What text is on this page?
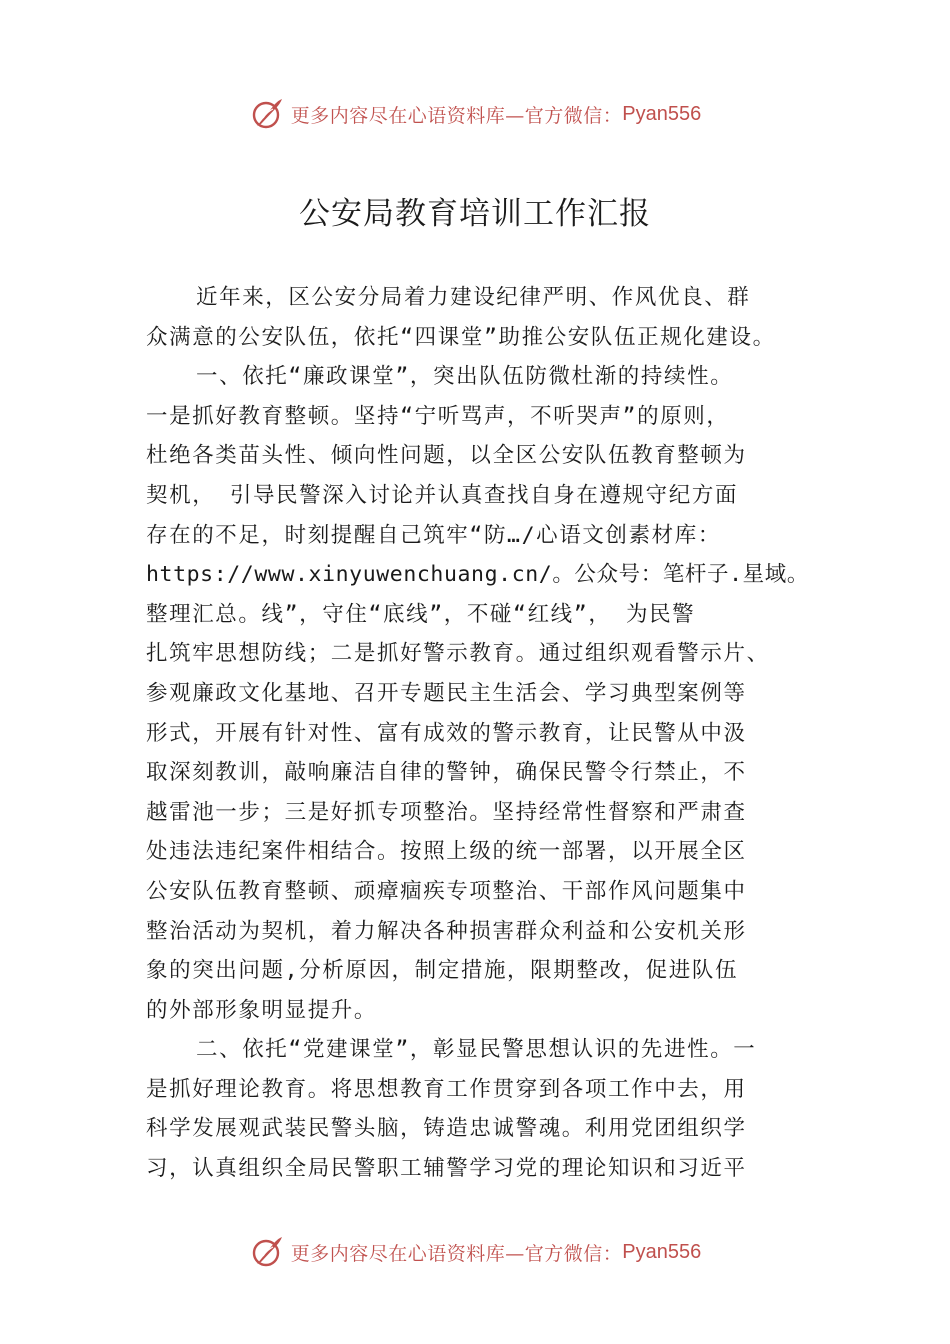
更多内容尽在心语资料库—官方微信： Pyan556
公安局教育培训工作汇报
近年来，区公安分局着力建设纪律严明、作风优良、群
众满意的公安队伍，依托“四课堂”助推公安队伍正规化建设。
一、依托“廉政课堂”，突出队伍防微杜渐的持续性。
一是抓好教育整顿。坚持“宁听骂声，不听哭声”的原则，
杜绝各类苗头性、倾向性问题，以全区公安队伍教育整顿为
契机， 引导民警深入讨论并认真查找自身在遵规守纪方面
存在的不足，时刻提醒自己筑牢“防…/心语文创素材库：
https://www.xinyuwenchuang.cn/。公众号：笔杆子.星域。
整理汇总。线”，守住“底线”，不碰“红线”， 为民警
扎筑牢思想防线；二是抓好警示教育。通过组织观看警示片、
参观廉政文化基地、召开专题民主生活会、学习典型案例等
形式，开展有针对性、富有成效的警示教育，让民警从中汲
取深刻教训，敲响廉洁自律的警钟，确保民警令行禁止，不
越雷池一步；三是好抓专项整治。坚持经常性督察和严肃查
处违法违纪案件相结合。按照上级的统一部署，以开展全区
公安队伍教育整顿、顽瘴痼疾专项整治、干部作风问题集中
整治活动为契机，着力解决各种损害群众利益和公安机关形
象的突出问题,分析原因，制定措施，限期整改，促进队伍
的外部形象明显提升。
二、依托“党建课堂”，彰显民警思想认识的先进性。一
是抓好理论教育。将思想教育工作贯穿到各项工作中去，用
科学发展观武装民警头脑，铸造忠诚警魂。利用党团组织学
习，认真组织全局民警职工辅警学习党的理论知识和习近平
更多内容尽在心语资料库—官方微信： Pyan556
